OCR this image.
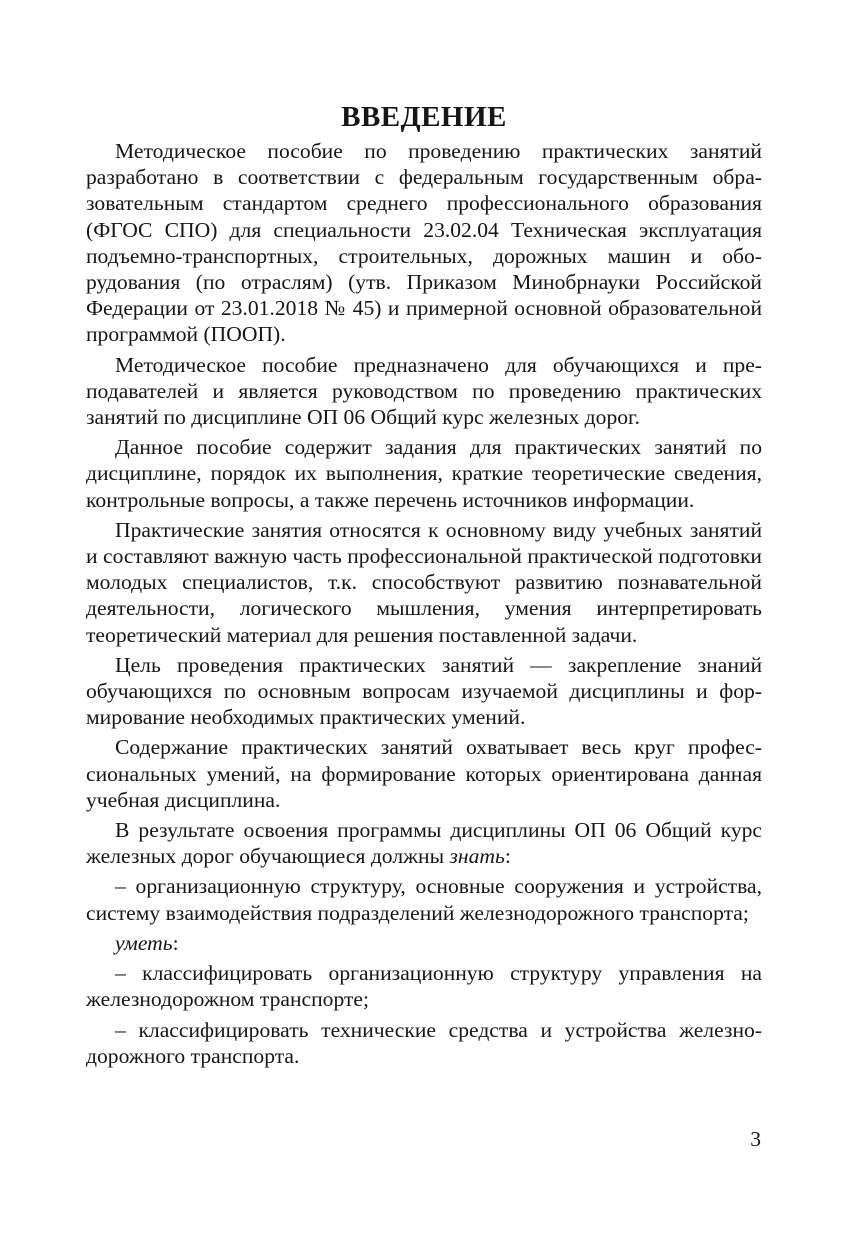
ВВЕДЕНИЕ

Методическое пособие по проведению практических занятий разработано в соответствии с федеральным государственным образовательным стандартом среднего профессионального образования (ФГОС СПО) для специальности 23.02.04 Техническая эксплуатация подъемно-транспортных, строительных, дорожных машин и оборудования (по отраслям) (утв. Приказом Минобрнауки Российской Федерации от 23.01.2018 № 45) и примерной основной образовательной программой (ПООП).

Методическое пособие предназначено для обучающихся и преподавателей и является руководством по проведению практических занятий по дисциплине ОП 06 Общий курс железных дорог.

Данное пособие содержит задания для практических занятий по дисциплине, порядок их выполнения, краткие теоретические сведения, контрольные вопросы, а также перечень источников информации.

Практические занятия относятся к основному виду учебных занятий и составляют важную часть профессиональной практической подготовки молодых специалистов, т.к. способствуют развитию познавательной деятельности, логического мышления, умения интерпретировать теоретический материал для решения поставленной задачи.

Цель проведения практических занятий — закрепление знаний обучающихся по основным вопросам изучаемой дисциплины и формирование необходимых практических умений.

Содержание практических занятий охватывает весь круг профессиональных умений, на формирование которых ориентирована данная учебная дисциплина.

В результате освоения программы дисциплины ОП 06 Общий курс железных дорог обучающиеся должны знать:

– организационную структуру, основные сооружения и устройства, систему взаимодействия подразделений железнодорожного транспорта;

уметь:

– классифицировать организационную структуру управления на железнодорожном транспорте;

– классифицировать технические средства и устройства железнодорожного транспорта.

3
